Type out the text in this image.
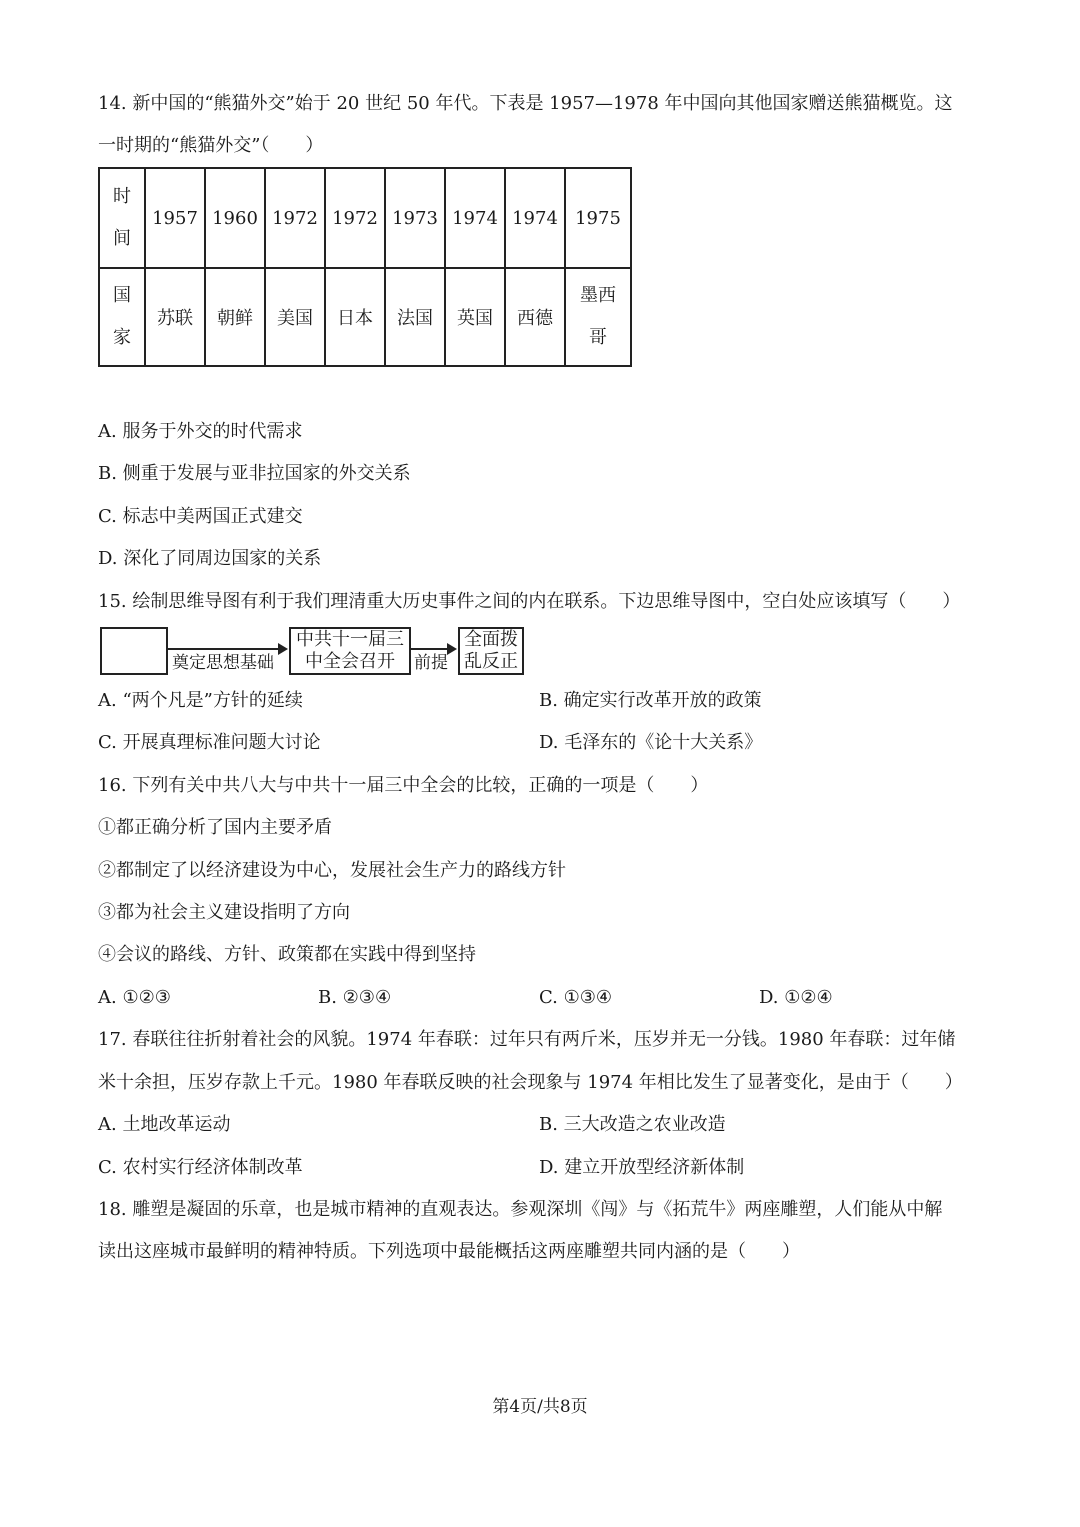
14. 新中国的“熊猫外交”始于 20 世纪 50 年代。下表是 1957—1978 年中国向其他国家赠送熊猫概览。这
一时期的“熊猫外交”（　　）
时间	1957	1960	1972	1972	1973	1974	1974	1975
国家	苏联	朝鲜	美国	日本	法国	英国	西德	墨西哥
A. 服务于外交的时代需求
B. 侧重于发展与亚非拉国家的外交关系
C. 标志中美两国正式建交
D. 深化了同周边国家的关系
15. 绘制思维导图有利于我们理清重大历史事件之间的内在联系。下边思维导图中，空白处应该填写（　　）
奠定思想基础
中共十一届三
中全会召开	前提
全面拨
乱反正
A. “两个凡是”方针的延续	B. 确定实行改革开放的政策
C. 开展真理标准问题大讨论	D. 毛泽东的《论十大关系》
16. 下列有关中共八大与中共十一届三中全会的比较，正确的一项是（　　）
①都正确分析了国内主要矛盾
②都制定了以经济建设为中心，发展社会生产力的路线方针
③都为社会主义建设指明了方向
④会议的路线、方针、政策都在实践中得到坚持
A. ①②③	B. ②③④	C. ①③④	D. ①②④
17. 春联往往折射着社会的风貌。1974 年春联：过年只有两斤米，压岁并无一分钱。1980 年春联：过年储
米十余担，压岁存款上千元。1980 年春联反映的社会现象与 1974 年相比发生了显著变化，是由于（　　）
A. 土地改革运动	B. 三大改造之农业改造
C. 农村实行经济体制改革	D. 建立开放型经济新体制
18. 雕塑是凝固的乐章，也是城市精神的直观表达。参观深圳《闯》与《拓荒牛》两座雕塑，人们能从中解
读出这座城市最鲜明的精神特质。下列选项中最能概括这两座雕塑共同内涵的是（　　）
第4页/共8页
